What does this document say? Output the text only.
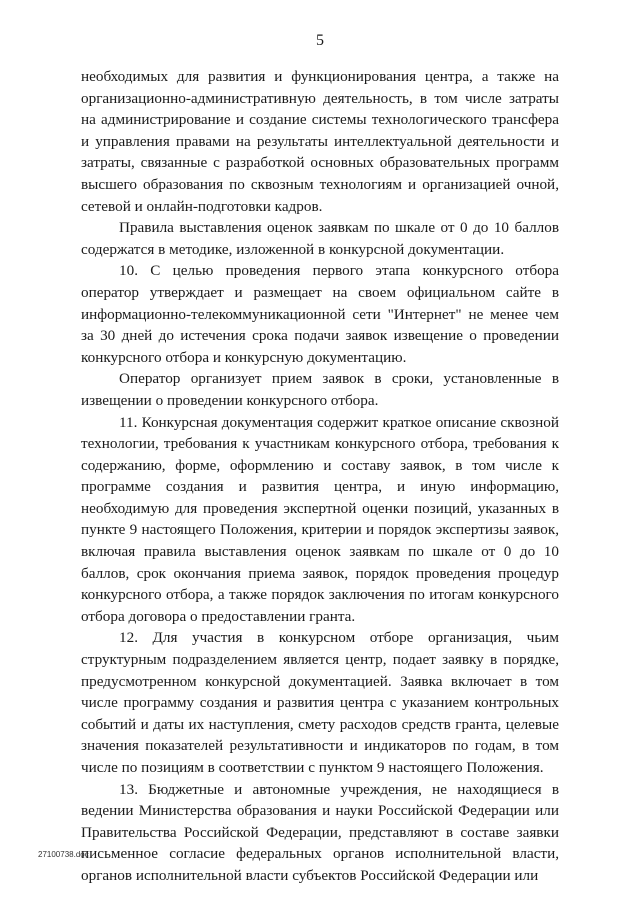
5

необходимых для развития и функционирования центра, а также на организационно-административную деятельность, в том числе затраты на администрирование и создание системы технологического трансфера и управления правами на результаты интеллектуальной деятельности и затраты, связанные с разработкой основных образовательных программ высшего образования по сквозным технологиям и организацией очной, сетевой и онлайн-подготовки кадров.

Правила выставления оценок заявкам по шкале от 0 до 10 баллов содержатся в методике, изложенной в конкурсной документации.

10. С целью проведения первого этапа конкурсного отбора оператор утверждает и размещает на своем официальном сайте в информационно-телекоммуникационной сети "Интернет" не менее чем за 30 дней до истечения срока подачи заявок извещение о проведении конкурсного отбора и конкурсную документацию.

Оператор организует прием заявок в сроки, установленные в извещении о проведении конкурсного отбора.

11. Конкурсная документация содержит краткое описание сквозной технологии, требования к участникам конкурсного отбора, требования к содержанию, форме, оформлению и составу заявок, в том числе к программе создания и развития центра, и иную информацию, необходимую для проведения экспертной оценки позиций, указанных в пункте 9 настоящего Положения, критерии и порядок экспертизы заявок, включая правила выставления оценок заявкам по шкале от 0 до 10 баллов, срок окончания приема заявок, порядок проведения процедур конкурсного отбора, а также порядок заключения по итогам конкурсного отбора договора о предоставлении гранта.

12. Для участия в конкурсном отборе организация, чьим структурным подразделением является центр, подает заявку в порядке, предусмотренном конкурсной документацией. Заявка включает в том числе программу создания и развития центра с указанием контрольных событий и даты их наступления, смету расходов средств гранта, целевые значения показателей результативности и индикаторов по годам, в том числе по позициям в соответствии с пунктом 9 настоящего Положения.

13. Бюджетные и автономные учреждения, не находящиеся в ведении Министерства образования и науки Российской Федерации или Правительства Российской Федерации, представляют в составе заявки письменное согласие федеральных органов исполнительной власти, органов исполнительной власти субъектов Российской Федерации или

27100738.doc
